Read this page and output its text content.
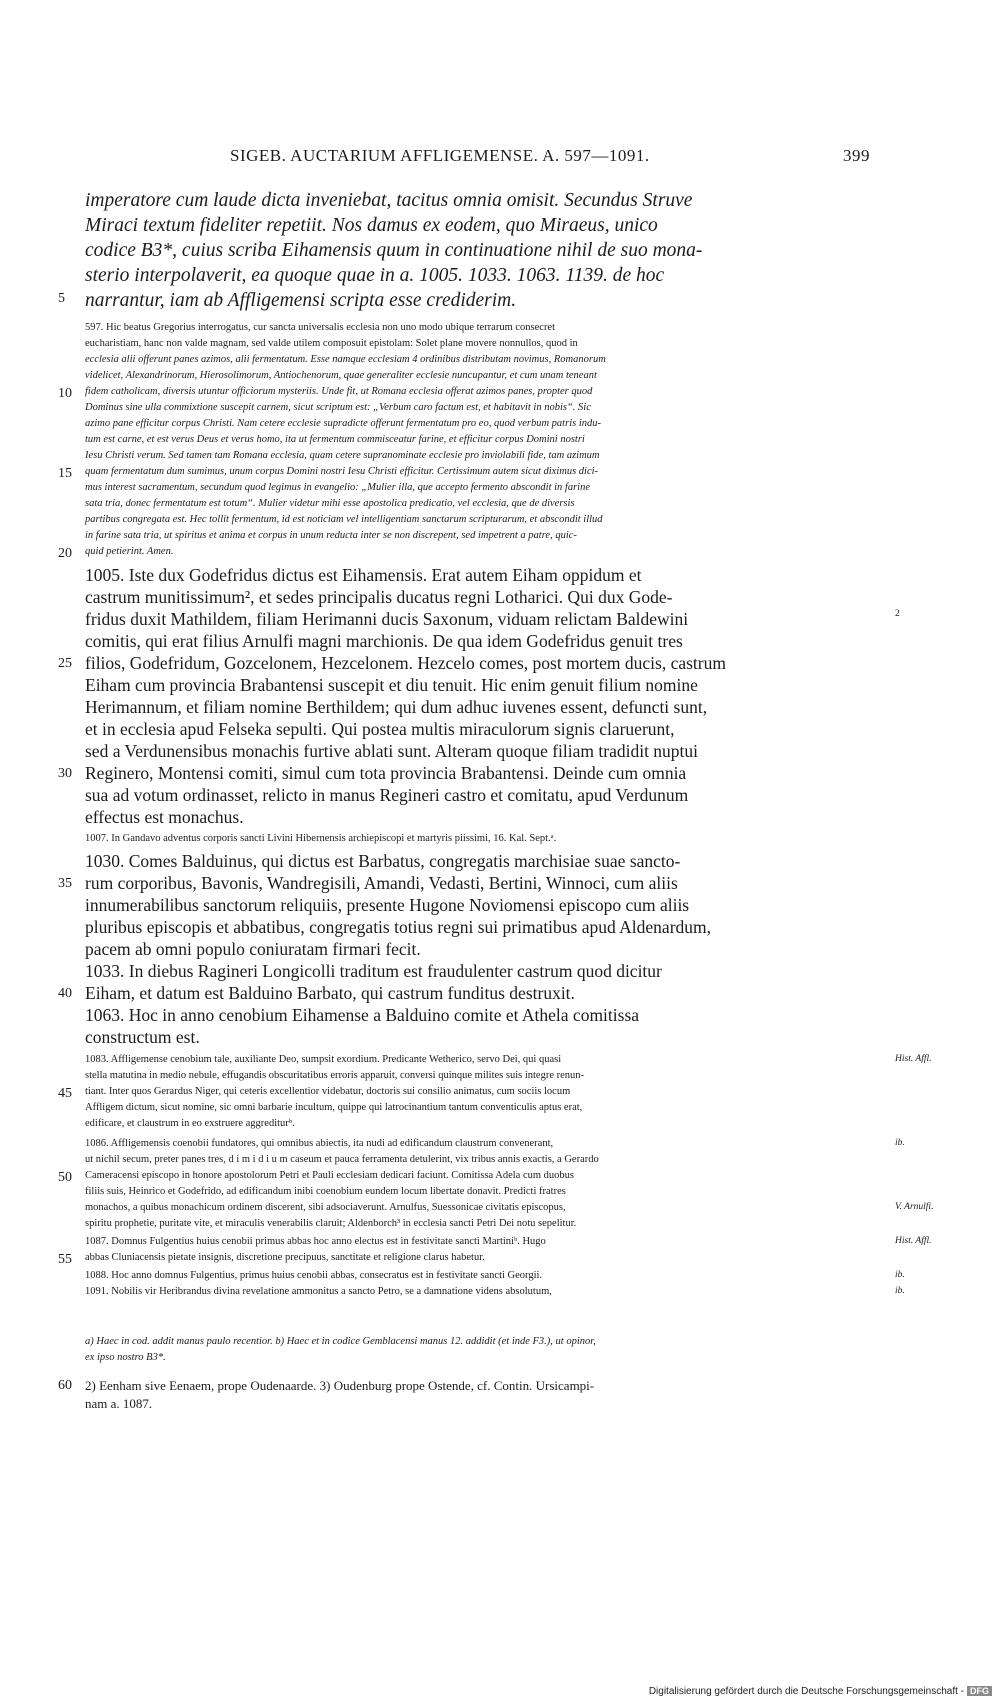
SIGEB. AUCTARIUM AFFLIGEMENSE. A. 597—1091.	399
imperatore cum laude dicta inveniebat, tacitus omnia omisit. Secundus Struve
Miraci textum fideliter repetiit. Nos damus ex eodem, quo Miraeus, unico
codice B3*, cuius scriba Eihamensis quum in continuatione nihil de suo mona-
sterio interpolaverit, ea quoque quae in a. 1005. 1033. 1063. 1139. de hoc
narrantur, iam ab Affligemensi scripta esse crediderim.
597. Hic beatus Gregorius interrogatus, cur sancta universalis ecclesia non uno modo ubique terrarum consecret
eucharistiam, hanc non valde magnam, sed valde utilem composuit epistolam: Solet plane movere nonnullos, quod in
ecclesia alii offerunt panes azimos, alii fermentatum. Esse namque ecclesiam 4 ordinibus distributam novimus, Romanorum
videlicet, Alexandrinorum, Hierosolimorum, Antiochenorum, quae generaliter ecclesie nuncupantur, et cum unam teneant
fidem catholicam, diversis utuntur officiorum mysteriis. Unde fit, ut Romana ecclesia offerat azimos panes, propter quod
Dominus sine ulla commixtione suscepit carnem, sicut scriptum est: „Verbum caro factum est, et habitavit in nobis“. Sic
azimo pane efficitur corpus Christi. Nam cetere ecclesie supradicte offerunt fermentatum pro eo, quod verbum patris indu-
tum est carne, et est verus Deus et verus homo, ita ut fermentum commisceatur farine, et efficitur corpus Domini nostri
Iesu Christi verum. Sed tamen tam Romana ecclesia, quam cetere supranominate ecclesie pro inviolabili fide, tam azimum
quam fermentatum dum sumimus, unum corpus Domini nostri Iesu Christi efficitur. Certissimum autem sicut diximus dici-
mus interest sacramentum, secundum quod legimus in evangelio: „Mulier illa, que accepto fermento abscondit in farine
sata tria, donec fermentatum est totum“. Mulier videtur mihi esse apostolica predicatio, vel ecclesia, que de diversis
partibus congregata est. Hec tollit fermentum, id est noticiam vel intelligentiam sanctarum scripturarum, et abscondit illud
in farine sata tria, ut spiritus et anima et corpus in unum reducta inter se non discrepent, sed impetrent a patre, quic-
quid petierint. Amen.
1005. Iste dux Godefridus dictus est Eihamensis. Erat autem Eiham oppidum et
castrum munitissimum², et sedes principalis ducatus regni Lotharici. Qui dux Gode-
fridus duxit Mathildem, filiam Herimanni ducis Saxonum, viduam relictam Baldewini
comitis, qui erat filius Arnulfi magni marchionis. De qua idem Godefridus genuit tres
filios, Godefridum, Gozcelonem, Hezcelonem. Hezcelo comes, post mortem ducis, castrum
Eiham cum provincia Brabantensi suscepit et diu tenuit. Hic enim genuit filium nomine
Herimannum, et filiam nomine Berthildem; qui dum adhuc iuvenes essent, defuncti sunt,
et in ecclesia apud Felseka sepulti. Qui postea multis miraculorum signis claruerunt,
sed a Verdunensibus monachis furtive ablati sunt. Alteram quoque filiam tradidit nuptui
Reginero, Montensi comiti, simul cum tota provincia Brabantensi. Deinde cum omnia
sua ad votum ordinasset, relicto in manus Regineri castro et comitatu, apud Verdunum
effectus est monachus.
1007. In Gandavo adventus corporis sancti Livini Hibernensis archiepiscopi et martyris piissimi, 16. Kal. Sept.ᵃ.
1030. Comes Balduinus, qui dictus est Barbatus, congregatis marchisiae suae sancto-
rum corporibus, Bavonis, Wandregisili, Amandi, Vedasti, Bertini, Winnoci, cum aliis
innumerabilibus sanctorum reliquiis, presente Hugone Noviomensi episcopo cum aliis
pluribus episcopis et abbatibus, congregatis totius regni sui primatibus apud Aldenardum,
pacem ab omni populo coniuratam firmari fecit.
1033. In diebus Ragineri Longicolli traditum est fraudulenter castrum quod dicitur
Eiham, et datum est Balduino Barbato, qui castrum funditus destruxit.
1063. Hoc in anno cenobium Eihamense a Balduino comite et Athela comitissa
constructum est.
1083. Affligemense cenobium tale, auxiliante Deo, sumpsit exordium. Predicante Wetherico, servo Dei, qui quasi
stella matutina in medio nebule, effugandis obscuritatibus erroris apparuit, conversi quinque milites suis integre renun-
tiant. Inter quos Gerardus Niger, qui ceteris excellentior videbatur, doctoris sui consilio animatus, cum sociis locum
Affligem dictum, sicut nomine, sic omni barbarie incultum, quippe qui latrocinantium tantum conventiculis aptus erat,
edificare, et claustrum in eo exstruere aggrediturᵇ.
1086. Affligemensis coenobii fundatores, qui omnibus abiectis, ita nudi ad edificandum claustrum convenerant,
ut nichil secum, preter panes tres, d i m i d i u m caseum et pauca ferramenta detulerint, vix tribus annis exactis, a Gerardo
Cameracensi episcopo in honore apostolorum Petri et Pauli ecclesiam dedicari faciunt. Comitissa Adela cum duobus
filiis suis, Heinrico et Godefrido, ad edificandum inibi coenobium eundem locum libertate donavit. Predicti fratres
monachos, a quibus monachicum ordinem discerent, sibi adsociaverunt. Arnulfus, Suessonicae civitatis episcopus,
spiritu prophetie, puritate vite, et miraculis venerabilis claruit; Aldenborch³ in ecclesia sancti Petri Dei notu sepelitur.
1087. Domnus Fulgentius huius cenobii primus abbas hoc anno electus est in festivitate sancti Martiniᵇ. Hugo
abbas Cluniacensis pietate insignis, discretione precipuus, sanctitate et religione clarus habetur.
1088. Hoc anno domnus Fulgentius, primus huius cenobii abbas, consecratus est in festivitate sancti Georgii.
1091. Nobilis vir Heribrandus divina revelatione ammonitus a sancto Petro, se a damnatione videns absolutum,
a) Haec in cod. addit manus paulo recentior. b) Haec et in codice Gemblacensi manus 12. addidit (et inde F3.), ut opinor,
ex ipso nostro B3*.
2) Eenham sive Eenaem, prope Oudenaarde. 3) Oudenburg prope Ostende, cf. Contin. Ursicampi-
nam a. 1087.
5
10
15
20
25
30
35
40
45
50
55
60
2
Hist. Affl.
ib.
V. Arnulfi.
Hist. Affl.
ib.
ib.
Digitalisierung gefördert durch die Deutsche Forschungsgemeinschaft - DFG
